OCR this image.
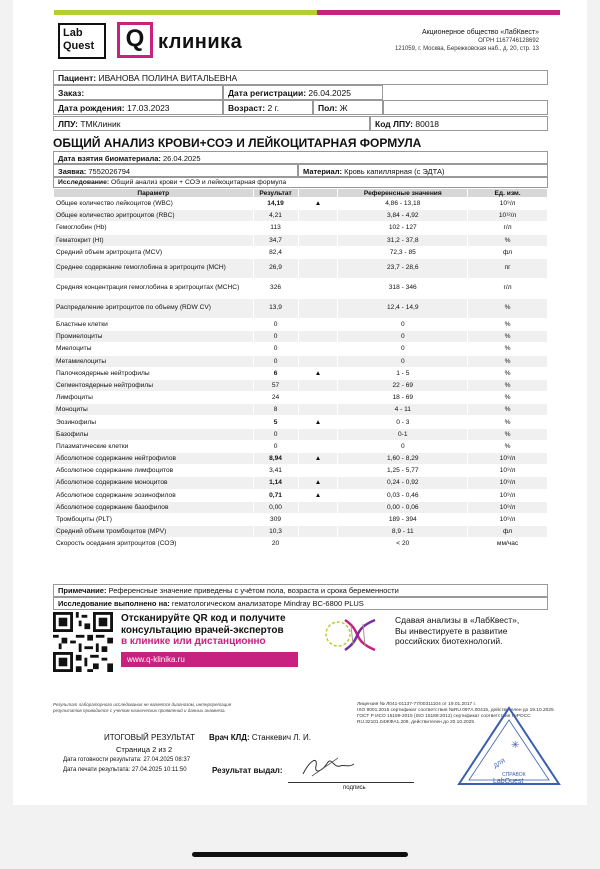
Lab
Quest	Q клиника	Акционерное общество «ЛабКвест»
ОГРН 1167746128692
121059, г. Москва, Бережковская наб., д. 20, стр. 13
Пациент: ИВАНОВА ПОЛИНА ВИТАЛЬЕВНА
Заказ:	Дата регистрации: 26.04.2025
Дата рождения: 17.03.2023	Возраст: 2 г.	Пол: Ж
ЛПУ: ТМКлиник	Код ЛПУ: 80018
ОБЩИЙ АНАЛИЗ КРОВИ+СОЭ И ЛЕЙКОЦИТАРНАЯ ФОРМУЛА
Дата взятия биоматериала: 26.04.2025
Заявка: 7552026794	Материал: Кровь капиллярная (с ЭДТА)
Исследование: Общий анализ крови + СОЭ и лейкоцитарная формула
Параметр	Результат		Референсные значения	Ед. изм.
Общее количество лейкоцитов (WBC)	14,19	▲	4,86 - 13,18	10⁹/л
Общее количество эритроцитов (RBC)	4,21		3,84 - 4,92	10¹²/л
Гемоглобин (Hb)	113		102 - 127	г/л
Гематокрит (Ht)	34,7		31,2 - 37,8	%
Средний объем эритроцита (MCV)	82,4		72,3 - 85	фл
Среднее содержание гемоглобина в эритроците (MCH)	26,9		23,7 - 28,6	пг
Средняя концентрация гемоглобина в эритроцитах (MCHC)	326		318 - 346	г/л
Распределение эритроцитов по объему (RDW CV)	13,9		12,4 - 14,9	%
Бластные клетки	0		0	%
Промиелоциты	0		0	%
Миелоциты	0		0	%
Метамиелоциты	0		0	%
Палочкоядерные нейтрофилы	6	▲	1 - 5	%
Сегментоядерные нейтрофилы	57		22 - 69	%
Лимфоциты	24		18 - 69	%
Моноциты	8		4 - 11	%
Эозинофилы	5	▲	0 - 3	%
Базофилы	0		0-1	%
Плазматические клетки	0		0	%
Абсолютное содержание нейтрофилов	8,94	▲	1,60 - 8,29	10⁹/л
Абсолютное содержание лимфоцитов	3,41		1,25 - 5,77	10⁹/л
Абсолютное содержание моноцитов	1,14	▲	0,24 - 0,92	10⁹/л
Абсолютное содержание эозинофилов	0,71	▲	0,03 - 0,46	10⁹/л
Абсолютное содержание базофилов	0,00		0,00 - 0,06	10⁹/л
Тромбоциты (PLT)	309		189 - 394	10⁹/л
Средний объем тромбоцитов (MPV)	10,3		8,9 - 11	фл
Скорость оседания эритроцитов (СОЭ)	20		< 20	мм/час
Примечание: Референсные значение приведены с учётом пола, возраста и срока беременности
Исследование выполнено на: гематологическом анализаторе Mindray BC-6800 PLUS
Отсканируйте QR код и получите
консультацию врачей-экспертов
в клинике или дистанционно
www.q-klinika.ru
Сдавая анализы в «ЛабКвест»,
Вы инвестируете в развитие
российских биотехнологий.
Результат лабораторного исследования не является диагнозом, интерпретация
результатов проводится с учетом клинических проявлений и данных анамнеза.
Лицензия № Л041-01137-77/00311104 от 19.01.2017 г.
ISO 9001:2015 сертификат соответствия №RU.097A.00415, действителен до 19.10.2025
ГОСТ Р ИСО 15189-2015 (ISO 15189:2012) сертификат соответствия №РОСС
RU.32101.04ЖФА1.209, действителен до 20.10.2025
ИТОГОВЫЙ РЕЗУЛЬТАТ Врач КЛД: Станкевич Л. И.
Страница 2 из 2
Дата готовности результата: 27.04.2025 08:37
Дата печати результата: 27.04.2025 10:11:50	Результат выдал:
подпись
ДЛЯ
СПРАВОК
LabQuest
✳
